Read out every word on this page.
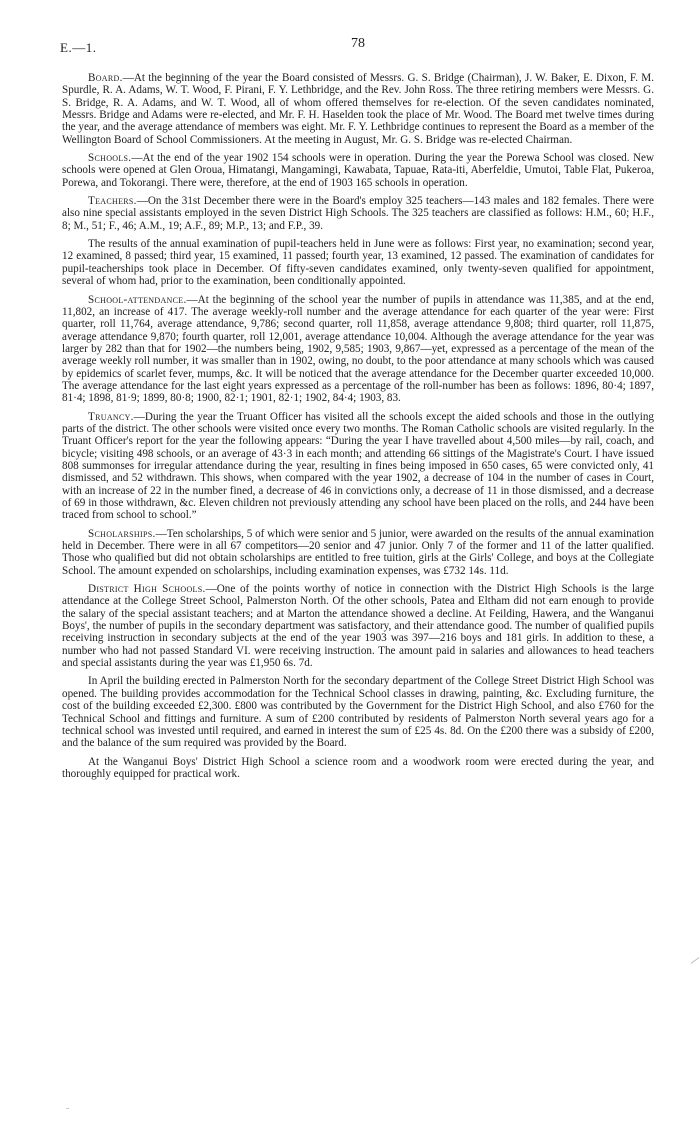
E.—1.	78

Board.—At the beginning of the year the Board consisted of Messrs. G. S. Bridge (Chairman), J. W. Baker, E. Dixon, F. M. Spurdle, R. A. Adams, W. T. Wood, F. Pirani, F. Y. Lethbridge, and the Rev. John Ross. The three retiring members were Messrs. G. S. Bridge, R. A. Adams, and W. T. Wood, all of whom offered themselves for re-election. Of the seven candidates nominated, Messrs. Bridge and Adams were re-elected, and Mr. F. H. Haselden took the place of Mr. Wood. The Board met twelve times during the year, and the average attendance of members was eight. Mr. F. Y. Lethbridge continues to represent the Board as a member of the Wellington Board of School Commissioners. At the meeting in August, Mr. G. S. Bridge was re-elected Chairman.

Schools.—At the end of the year 1902 154 schools were in operation. During the year the Porewa School was closed. New schools were opened at Glen Oroua, Himatangi, Mangamingi, Kawabata, Tapuae, Rata-iti, Aberfeldie, Umutoi, Table Flat, Pukeroa, Porewa, and Tokorangi. There were, therefore, at the end of 1903 165 schools in operation.

Teachers.—On the 31st December there were in the Board's employ 325 teachers—143 males and 182 females. There were also nine special assistants employed in the seven District High Schools. The 325 teachers are classified as follows: H.M., 60; H.F., 8; M., 51; F., 46; A.M., 19; A.F., 89; M.P., 13; and F.P., 39.

The results of the annual examination of pupil-teachers held in June were as follows: First year, no examination; second year, 12 examined, 8 passed; third year, 15 examined, 11 passed; fourth year, 13 examined, 12 passed. The examination of candidates for pupil-teacherships took place in December. Of fifty-seven candidates examined, only twenty-seven qualified for appointment, several of whom had, prior to the examination, been conditionally appointed.

School-attendance.—At the beginning of the school year the number of pupils in attendance was 11,385, and at the end, 11,802, an increase of 417. The average weekly-roll number and the average attendance for each quarter of the year were: First quarter, roll 11,764, average attendance, 9,786; second quarter, roll 11,858, average attendance 9,808; third quarter, roll 11,875, average attendance 9,870; fourth quarter, roll 12,001, average attendance 10,004. Although the average attendance for the year was larger by 282 than that for 1902—the numbers being, 1902, 9,585; 1903, 9,867—yet, expressed as a percentage of the mean of the average weekly roll number, it was smaller than in 1902, owing, no doubt, to the poor attendance at many schools which was caused by epidemics of scarlet fever, mumps, &c. It will be noticed that the average attendance for the December quarter exceeded 10,000. The average attendance for the last eight years expressed as a percentage of the roll-number has been as follows: 1896, 80·4; 1897, 81·4; 1898, 81·9; 1899, 80·8; 1900, 82·1; 1901, 82·1; 1902, 84·4; 1903, 83.

Truancy.—During the year the Truant Officer has visited all the schools except the aided schools and those in the outlying parts of the district. The other schools were visited once every two months. The Roman Catholic schools are visited regularly. In the Truant Officer's report for the year the following appears: “During the year I have travelled about 4,500 miles—by rail, coach, and bicycle; visiting 498 schools, or an average of 43·3 in each month; and attending 66 sittings of the Magistrate's Court. I have issued 808 summonses for irregular attendance during the year, resulting in fines being imposed in 650 cases, 65 were convicted only, 41 dismissed, and 52 withdrawn. This shows, when compared with the year 1902, a decrease of 104 in the number of cases in Court, with an increase of 22 in the number fined, a decrease of 46 in convictions only, a decrease of 11 in those dismissed, and a decrease of 69 in those withdrawn, &c. Eleven children not previously attending any school have been placed on the rolls, and 244 have been traced from school to school.”

Scholarships.—Ten scholarships, 5 of which were senior and 5 junior, were awarded on the results of the annual examination held in December. There were in all 67 competitors—20 senior and 47 junior. Only 7 of the former and 11 of the latter qualified. Those who qualified but did not obtain scholarships are entitled to free tuition, girls at the Girls' College, and boys at the Collegiate School. The amount expended on scholarships, including examination expenses, was £732 14s. 11d.

District High Schools.—One of the points worthy of notice in connection with the District High Schools is the large attendance at the College Street School, Palmerston North. Of the other schools, Patea and Eltham did not earn enough to provide the salary of the special assistant teachers; and at Marton the attendance showed a decline. At Feilding, Hawera, and the Wanganui Boys', the number of pupils in the secondary department was satisfactory, and their attendance good. The number of qualified pupils receiving instruction in secondary subjects at the end of the year 1903 was 397—216 boys and 181 girls. In addition to these, a number who had not passed Standard VI. were receiving instruction. The amount paid in salaries and allowances to head teachers and special assistants during the year was £1,950 6s. 7d.

In April the building erected in Palmerston North for the secondary department of the College Street District High School was opened. The building provides accommodation for the Technical School classes in drawing, painting, &c. Excluding furniture, the cost of the building exceeded £2,300. £800 was contributed by the Government for the District High School, and also £760 for the Technical School and fittings and furniture. A sum of £200 contributed by residents of Palmerston North several years ago for a technical school was invested until required, and earned in interest the sum of £25 4s. 8d. On the £200 there was a subsidy of £200, and the balance of the sum required was provided by the Board.

At the Wanganui Boys' District High School a science room and a woodwork room were erected during the year, and thoroughly equipped for practical work.
